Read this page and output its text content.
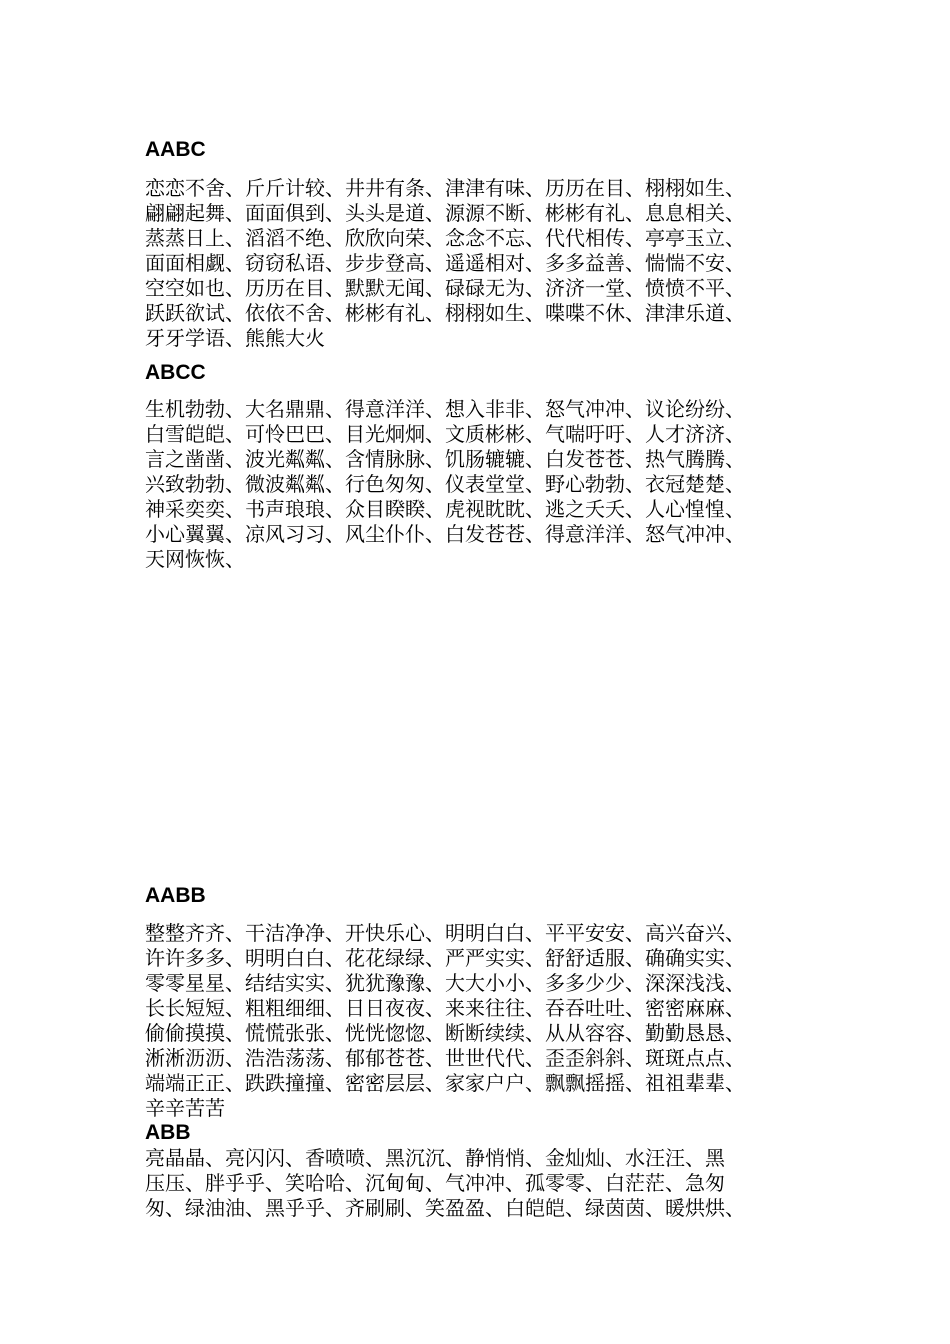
AABC

恋恋不舍、斤斤计较、井井有条、津津有味、历历在目、栩栩如生、
翩翩起舞、面面俱到、头头是道、源源不断、彬彬有礼、息息相关、
蒸蒸日上、滔滔不绝、欣欣向荣、念念不忘、代代相传、亭亭玉立、
面面相觑、窃窃私语、步步登高、遥遥相对、多多益善、惴惴不安、
空空如也、历历在目、默默无闻、碌碌无为、济济一堂、愤愤不平、
跃跃欲试、依依不舍、彬彬有礼、栩栩如生、喋喋不休、津津乐道、
牙牙学语、熊熊大火

ABCC

生机勃勃、大名鼎鼎、得意洋洋、想入非非、怒气冲冲、议论纷纷、
白雪皑皑、可怜巴巴、目光炯炯、文质彬彬、气喘吁吁、人才济济、
言之凿凿、波光粼粼、含情脉脉、饥肠辘辘、白发苍苍、热气腾腾、
兴致勃勃、微波粼粼、行色匆匆、仪表堂堂、野心勃勃、衣冠楚楚、
神采奕奕、书声琅琅、众目睽睽、虎视眈眈、逃之夭夭、人心惶惶、
小心翼翼、凉风习习、风尘仆仆、白发苍苍、得意洋洋、怒气冲冲、
天网恢恢、

AABB

整整齐齐、干洁净净、开快乐心、明明白白、平平安安、高兴奋兴、
许许多多、明明白白、花花绿绿、严严实实、舒舒适服、确确实实、
零零星星、结结实实、犹犹豫豫、大大小小、多多少少、深深浅浅、
长长短短、粗粗细细、日日夜夜、来来往往、吞吞吐吐、密密麻麻、
偷偷摸摸、慌慌张张、恍恍惚惚、断断续续、从从容容、勤勤恳恳、
淅淅沥沥、浩浩荡荡、郁郁苍苍、世世代代、歪歪斜斜、斑斑点点、
端端正正、跌跌撞撞、密密层层、家家户户、飘飘摇摇、祖祖辈辈、
辛辛苦苦

ABB

亮晶晶、亮闪闪、香喷喷、黑沉沉、静悄悄、金灿灿、水汪汪、黑
压压、胖乎乎、笑哈哈、沉甸甸、气冲冲、孤零零、白茫茫、急匆
匆、绿油油、黑乎乎、齐刷刷、笑盈盈、白皑皑、绿茵茵、暖烘烘、
